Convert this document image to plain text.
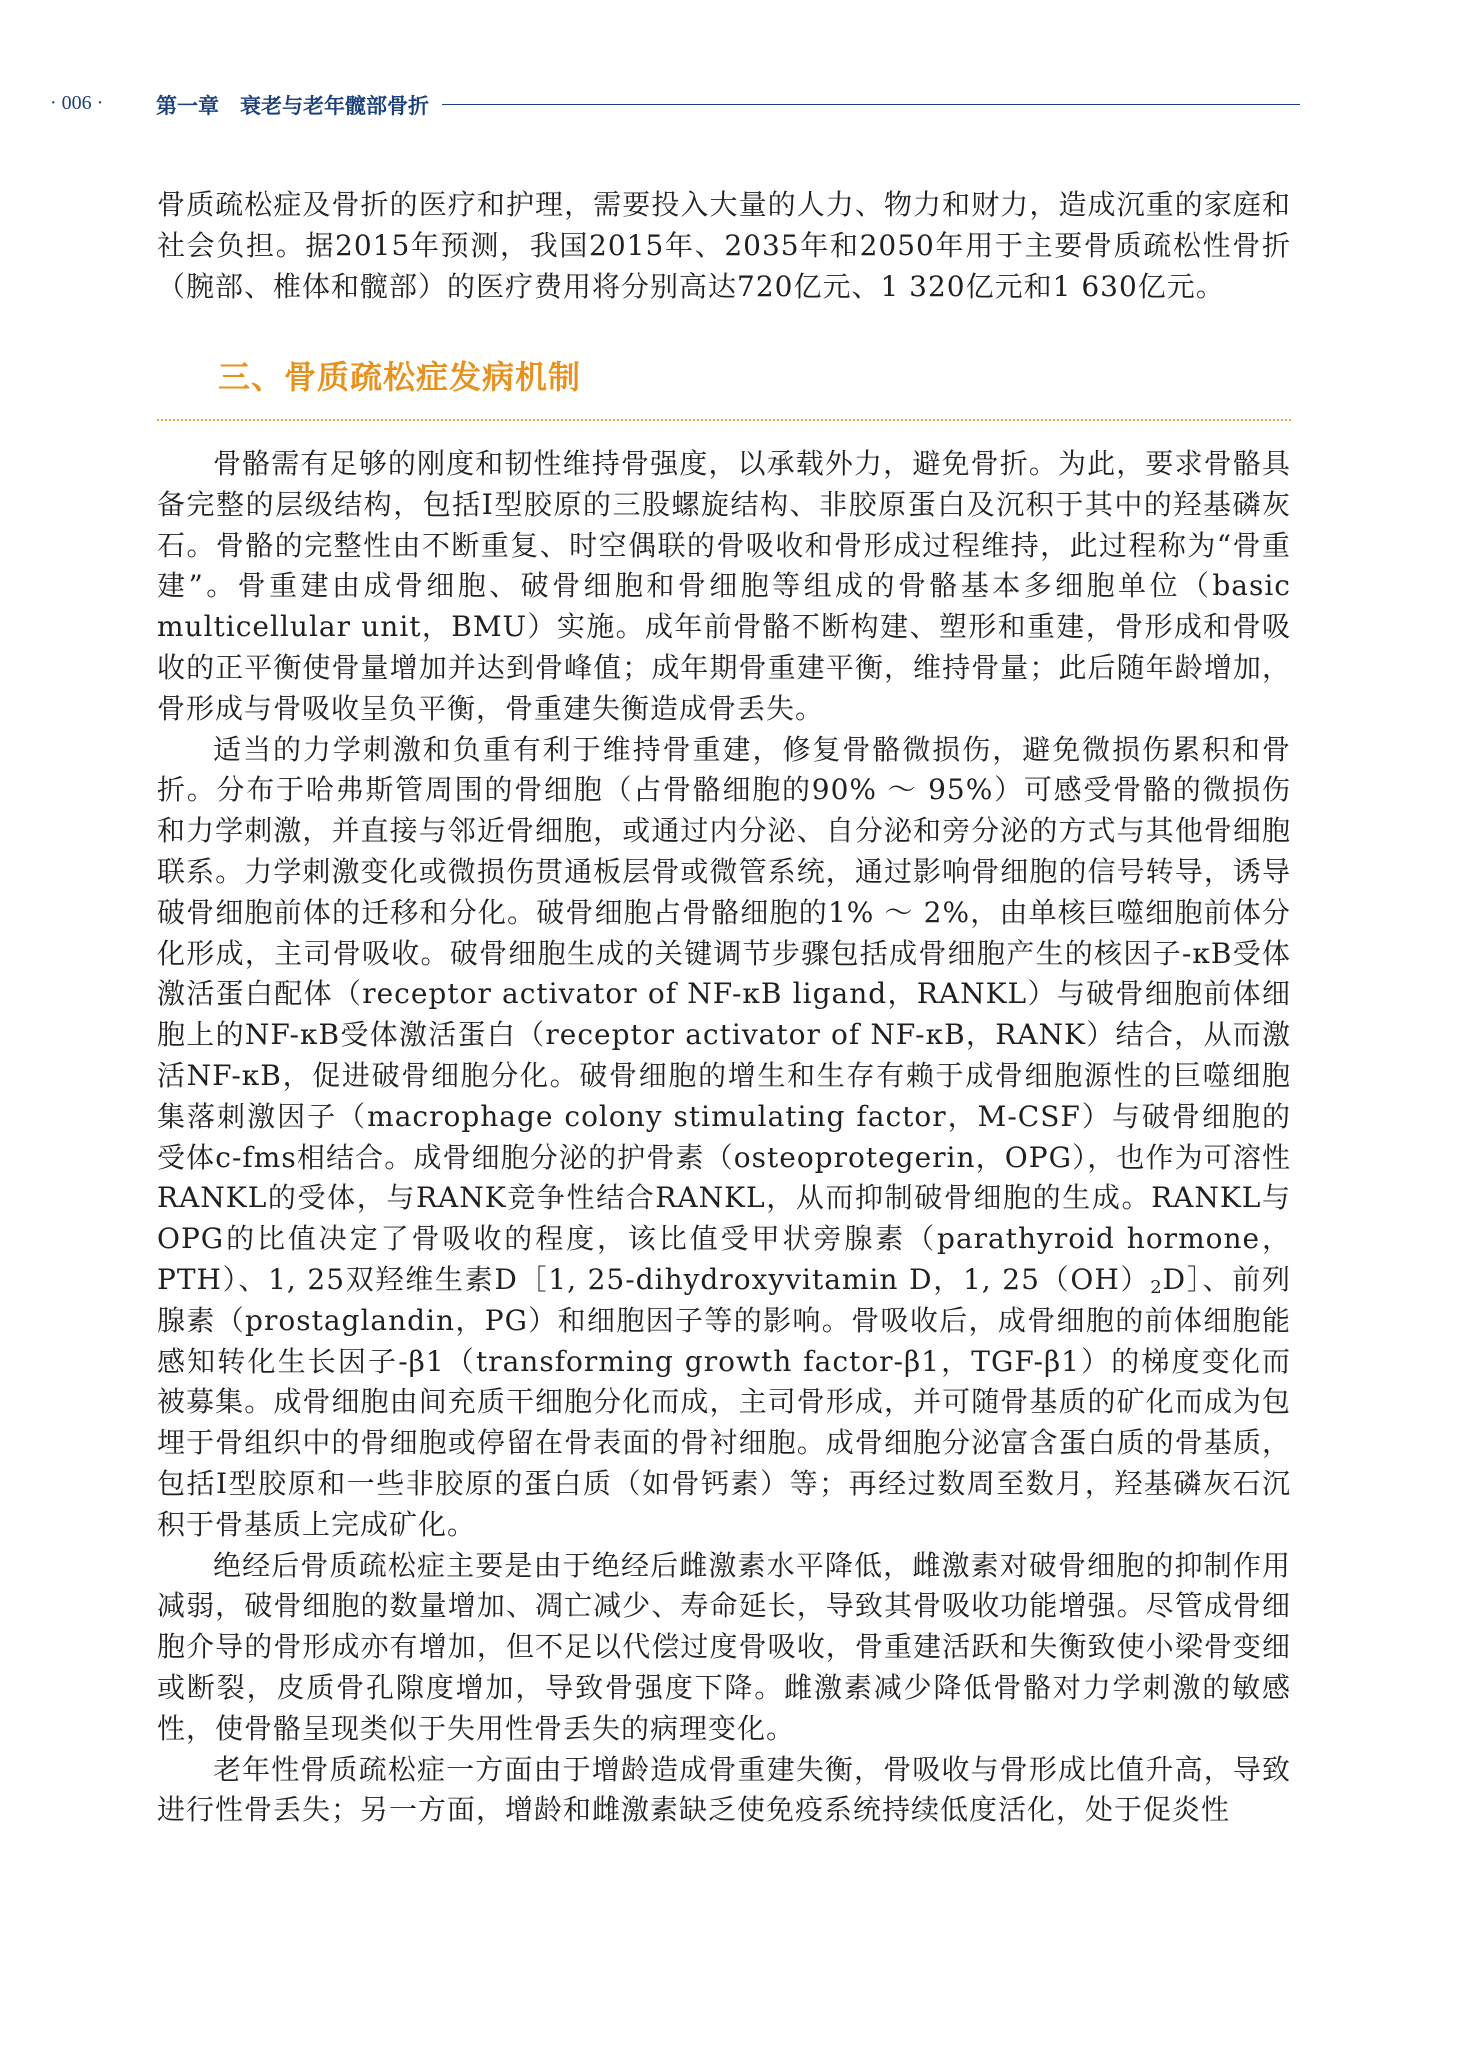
· 006 ·	第一章　衰老与老年髋部骨折

骨质疏松症及骨折的医疗和护理，需要投入大量的人力、物力和财力，造成沉重的家庭和社会负担。据2015年预测，我国2015年、2035年和2050年用于主要骨质疏松性骨折（腕部、椎体和髋部）的医疗费用将分别高达720亿元、1 320亿元和1 630亿元。

三、骨质疏松症发病机制

骨骼需有足够的刚度和韧性维持骨强度，以承载外力，避免骨折。为此，要求骨骼具备完整的层级结构，包括Ⅰ型胶原的三股螺旋结构、非胶原蛋白及沉积于其中的羟基磷灰石。骨骼的完整性由不断重复、时空偶联的骨吸收和骨形成过程维持，此过程称为“骨重建”。骨重建由成骨细胞、破骨细胞和骨细胞等组成的骨骼基本多细胞单位（basic multicellular unit，BMU）实施。成年前骨骼不断构建、塑形和重建，骨形成和骨吸收的正平衡使骨量增加并达到骨峰值；成年期骨重建平衡，维持骨量；此后随年龄增加，骨形成与骨吸收呈负平衡，骨重建失衡造成骨丢失。

适当的力学刺激和负重有利于维持骨重建，修复骨骼微损伤，避免微损伤累积和骨折。分布于哈弗斯管周围的骨细胞（占骨骼细胞的90% ～ 95%）可感受骨骼的微损伤和力学刺激，并直接与邻近骨细胞，或通过内分泌、自分泌和旁分泌的方式与其他骨细胞联系。力学刺激变化或微损伤贯通板层骨或微管系统，通过影响骨细胞的信号转导，诱导破骨细胞前体的迁移和分化。破骨细胞占骨骼细胞的1% ～ 2%，由单核巨噬细胞前体分化形成，主司骨吸收。破骨细胞生成的关键调节步骤包括成骨细胞产生的核因子-κB受体激活蛋白配体（receptor activator of NF-κB ligand，RANKL）与破骨细胞前体细胞上的NF-κB受体激活蛋白（receptor activator of NF-κB，RANK）结合，从而激活NF-κB，促进破骨细胞分化。破骨细胞的增生和生存有赖于成骨细胞源性的巨噬细胞集落刺激因子（macrophage colony stimulating factor，M-CSF）与破骨细胞的受体c-fms相结合。成骨细胞分泌的护骨素（osteoprotegerin，OPG），也作为可溶性RANKL的受体，与RANK竞争性结合RANKL，从而抑制破骨细胞的生成。RANKL与OPG的比值决定了骨吸收的程度，该比值受甲状旁腺素（parathyroid hormone，PTH）、1, 25双羟维生素D［1, 25-dihydroxyvitamin D，1, $25(OH)_2D]$、前列腺素（prostaglandin，PG）和细胞因子等的影响。骨吸收后，成骨细胞的前体细胞能感知转化生长因子-β1（transforming growth factor-β1，TGF-β1）的梯度变化而被募集。成骨细胞由间充质干细胞分化而成，主司骨形成，并可随骨基质的矿化而成为包埋于骨组织中的骨细胞或停留在骨表面的骨衬细胞。成骨细胞分泌富含蛋白质的骨基质，包括Ⅰ型胶原和一些非胶原的蛋白质（如骨钙素）等；再经过数周至数月，羟基磷灰石沉积于骨基质上完成矿化。

绝经后骨质疏松症主要是由于绝经后雌激素水平降低，雌激素对破骨细胞的抑制作用减弱，破骨细胞的数量增加、凋亡减少、寿命延长，导致其骨吸收功能增强。尽管成骨细胞介导的骨形成亦有增加，但不足以代偿过度骨吸收，骨重建活跃和失衡致使小梁骨变细或断裂，皮质骨孔隙度增加，导致骨强度下降。雌激素减少降低骨骼对力学刺激的敏感性，使骨骼呈现类似于失用性骨丢失的病理变化。

老年性骨质疏松症一方面由于增龄造成骨重建失衡，骨吸收与骨形成比值升高，导致进行性骨丢失；另一方面，增龄和雌激素缺乏使免疫系统持续低度活化，处于促炎性
